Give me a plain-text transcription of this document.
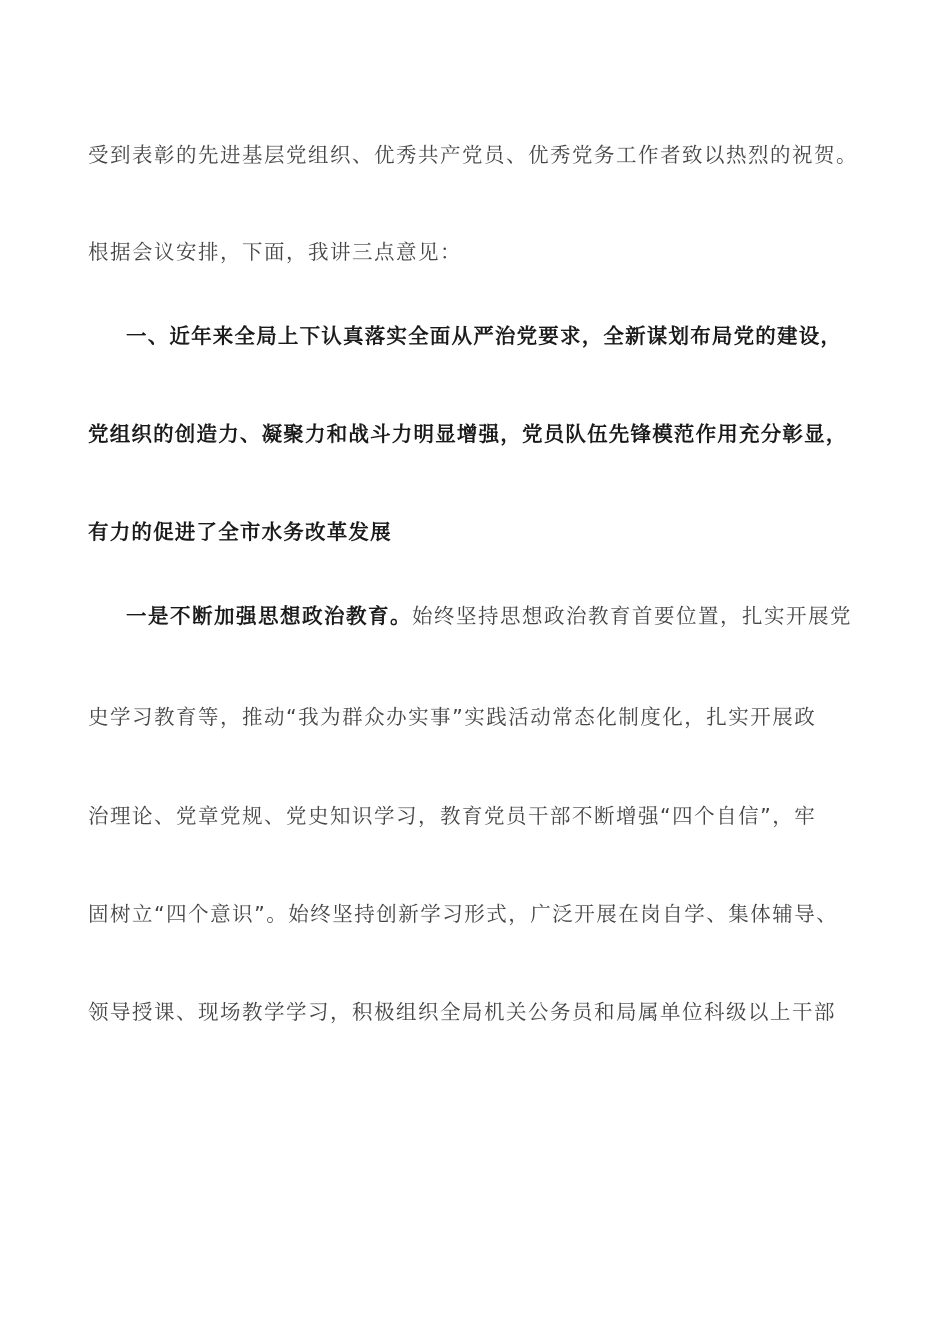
受到表彰的先进基层党组织、优秀共产党员、优秀党务工作者致以热烈的祝贺。
根据会议安排，下面，我讲三点意见：
一、近年来全局上下认真落实全面从严治党要求，全新谋划布局党的建设，
党组织的创造力、凝聚力和战斗力明显增强，党员队伍先锋模范作用充分彰显，
有力的促进了全市水务改革发展
一是不断加强思想政治教育。始终坚持思想政治教育首要位置，扎实开展党
史学习教育等，推动“我为群众办实事”实践活动常态化制度化，扎实开展政
治理论、党章党规、党史知识学习，教育党员干部不断增强“四个自信”，牢
固树立“四个意识”。始终坚持创新学习形式，广泛开展在岗自学、集体辅导、
领导授课、现场教学学习，积极组织全局机关公务员和局属单位科级以上干部
